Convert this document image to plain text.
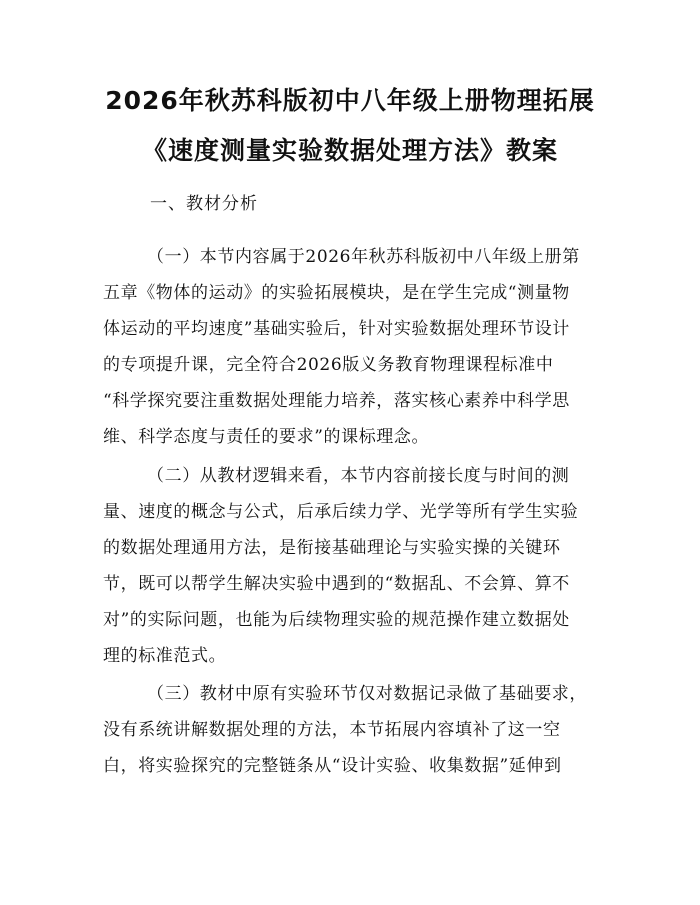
2026年秋苏科版初中八年级上册物理拓展
《速度测量实验数据处理方法》教案
一、教材分析
（一）本节内容属于2026年秋苏科版初中八年级上册第
五章《物体的运动》的实验拓展模块，是在学生完成“测量物
体运动的平均速度”基础实验后，针对实验数据处理环节设计
的专项提升课，完全符合2026版义务教育物理课程标准中
“科学探究要注重数据处理能力培养，落实核心素养中科学思
维、科学态度与责任的要求”的课标理念。
（二）从教材逻辑来看，本节内容前接长度与时间的测
量、速度的概念与公式，后承后续力学、光学等所有学生实验
的数据处理通用方法，是衔接基础理论与实验实操的关键环
节，既可以帮学生解决实验中遇到的“数据乱、不会算、算不
对”的实际问题，也能为后续物理实验的规范操作建立数据处
理的标准范式。
（三）教材中原有实验环节仅对数据记录做了基础要求，
没有系统讲解数据处理的方法，本节拓展内容填补了这一空
白，将实验探究的完整链条从“设计实验、收集数据”延伸到
